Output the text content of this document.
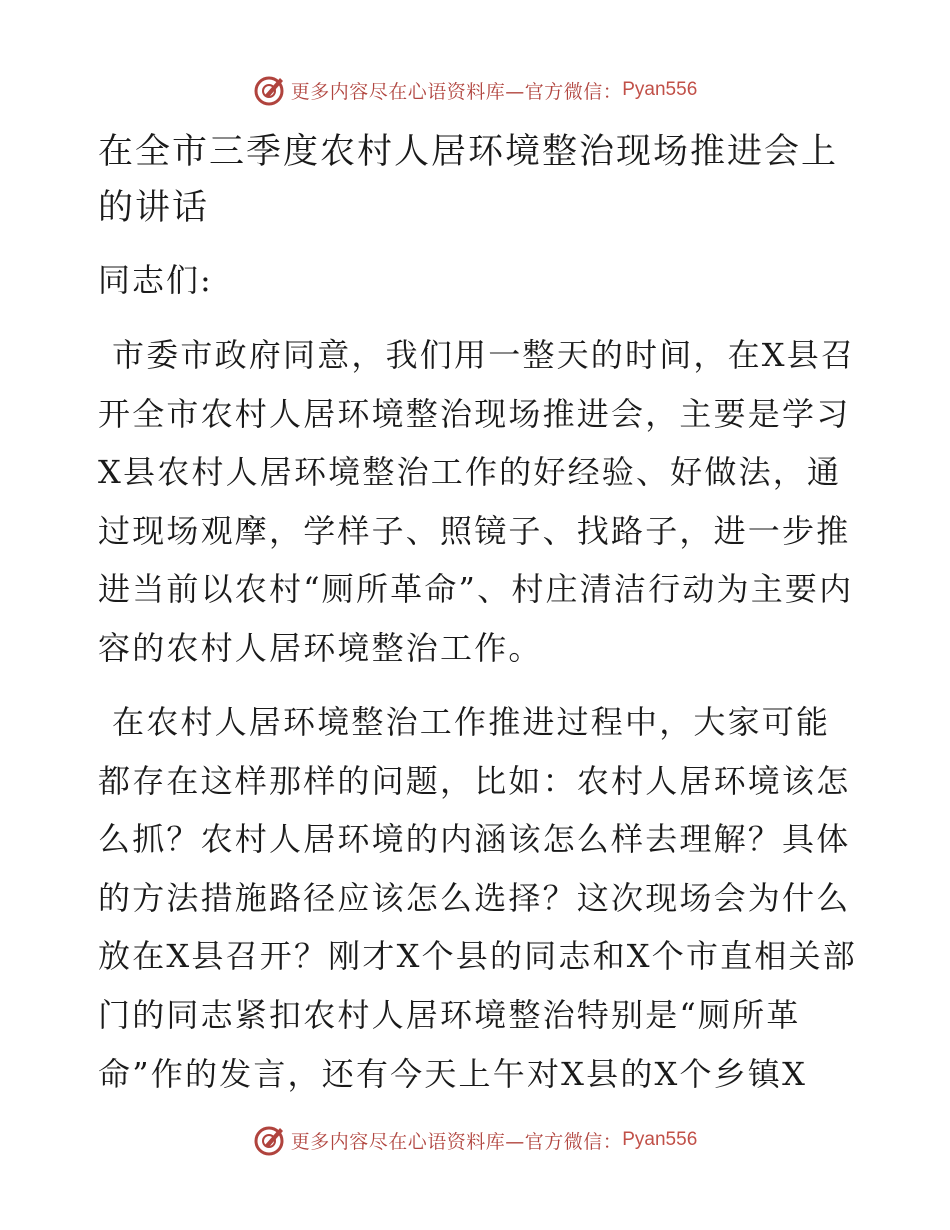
更多内容尽在心语资料库—官方微信： Pyan556
在全市三季度农村人居环境整治现场推进会上的讲话

同志们:

市委市政府同意，我们用一整天的时间，在X县召开全市农村人居环境整治现场推进会，主要是学习X县农村人居环境整治工作的好经验、好做法，通过现场观摩，学样子、照镜子、找路子，进一步推进当前以农村“厕所革命”、村庄清洁行动为主要内容的农村人居环境整治工作。

在农村人居环境整治工作推进过程中，大家可能都存在这样那样的问题，比如：农村人居环境该怎么抓？农村人居环境的内涵该怎么样去理解？具体的方法措施路径应该怎么选择？这次现场会为什么放在X县召开？刚才X个县的同志和X个市直相关部门的同志紧扣农村人居环境整治特别是“厕所革命”作的发言，还有今天上午对X县的X个乡镇X

更多内容尽在心语资料库—官方微信： Pyan556
